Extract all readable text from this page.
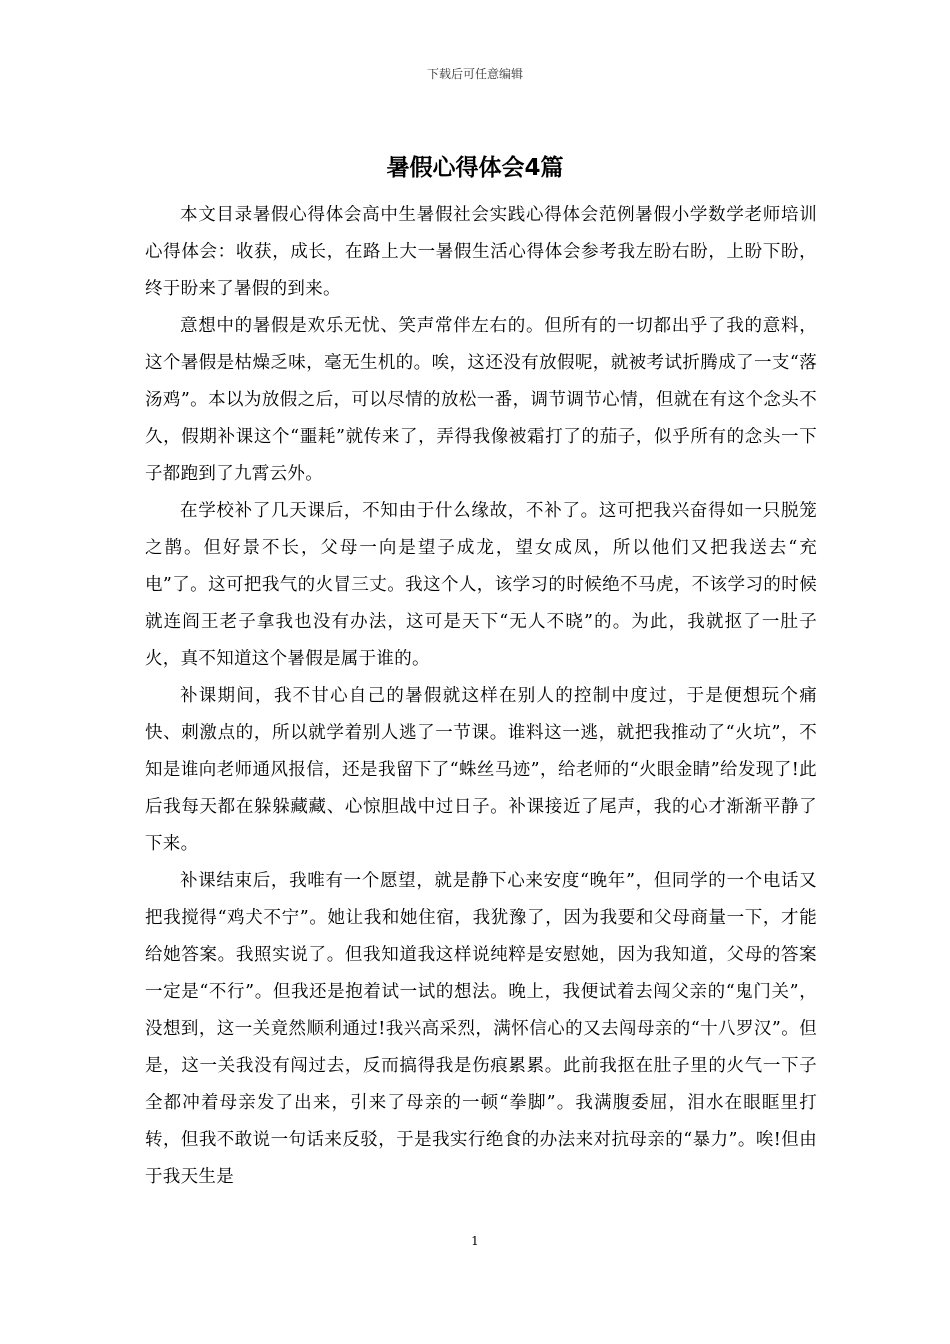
下载后可任意编辑
暑假心得体会4篇

本文目录暑假心得体会高中生暑假社会实践心得体会范例暑假小学数学老师培训心得体会：收获，成长，在路上大一暑假生活心得体会参考我左盼右盼，上盼下盼，终于盼来了暑假的到来。

意想中的暑假是欢乐无忧、笑声常伴左右的。但所有的一切都出乎了我的意料，这个暑假是枯燥乏味，毫无生机的。唉，这还没有放假呢，就被考试折腾成了一支“落汤鸡”。本以为放假之后，可以尽情的放松一番，调节调节心情，但就在有这个念头不久，假期补课这个“噩耗”就传来了，弄得我像被霜打了的茄子，似乎所有的念头一下子都跑到了九霄云外。

在学校补了几天课后，不知由于什么缘故，不补了。这可把我兴奋得如一只脱笼之鹊。但好景不长，父母一向是望子成龙，望女成凤，所以他们又把我送去“充电”了。这可把我气的火冒三丈。我这个人，该学习的时候绝不马虎，不该学习的时候就连阎王老子拿我也没有办法，这可是天下“无人不晓”的。为此，我就抠了一肚子火，真不知道这个暑假是属于谁的。

补课期间，我不甘心自己的暑假就这样在别人的控制中度过，于是便想玩个痛快、刺激点的，所以就学着别人逃了一节课。谁料这一逃，就把我推动了“火坑”，不知是谁向老师通风报信，还是我留下了“蛛丝马迹”，给老师的“火眼金睛”给发现了!此后我每天都在躲躲藏藏、心惊胆战中过日子。补课接近了尾声，我的心才渐渐平静了下来。

补课结束后，我唯有一个愿望，就是静下心来安度“晚年”，但同学的一个电话又把我搅得“鸡犬不宁”。她让我和她住宿，我犹豫了，因为我要和父母商量一下，才能给她答案。我照实说了。但我知道我这样说纯粹是安慰她，因为我知道，父母的答案一定是“不行”。但我还是抱着试一试的想法。晚上，我便试着去闯父亲的“鬼门关”，没想到，这一关竟然顺利通过!我兴高采烈，满怀信心的又去闯母亲的“十八罗汉”。但是，这一关我没有闯过去，反而搞得我是伤痕累累。此前我抠在肚子里的火气一下子全都冲着母亲发了出来，引来了母亲的一顿“拳脚”。我满腹委屈，泪水在眼眶里打转，但我不敢说一句话来反驳，于是我实行绝食的办法来对抗母亲的“暴力”。唉!但由于我天生是

1
